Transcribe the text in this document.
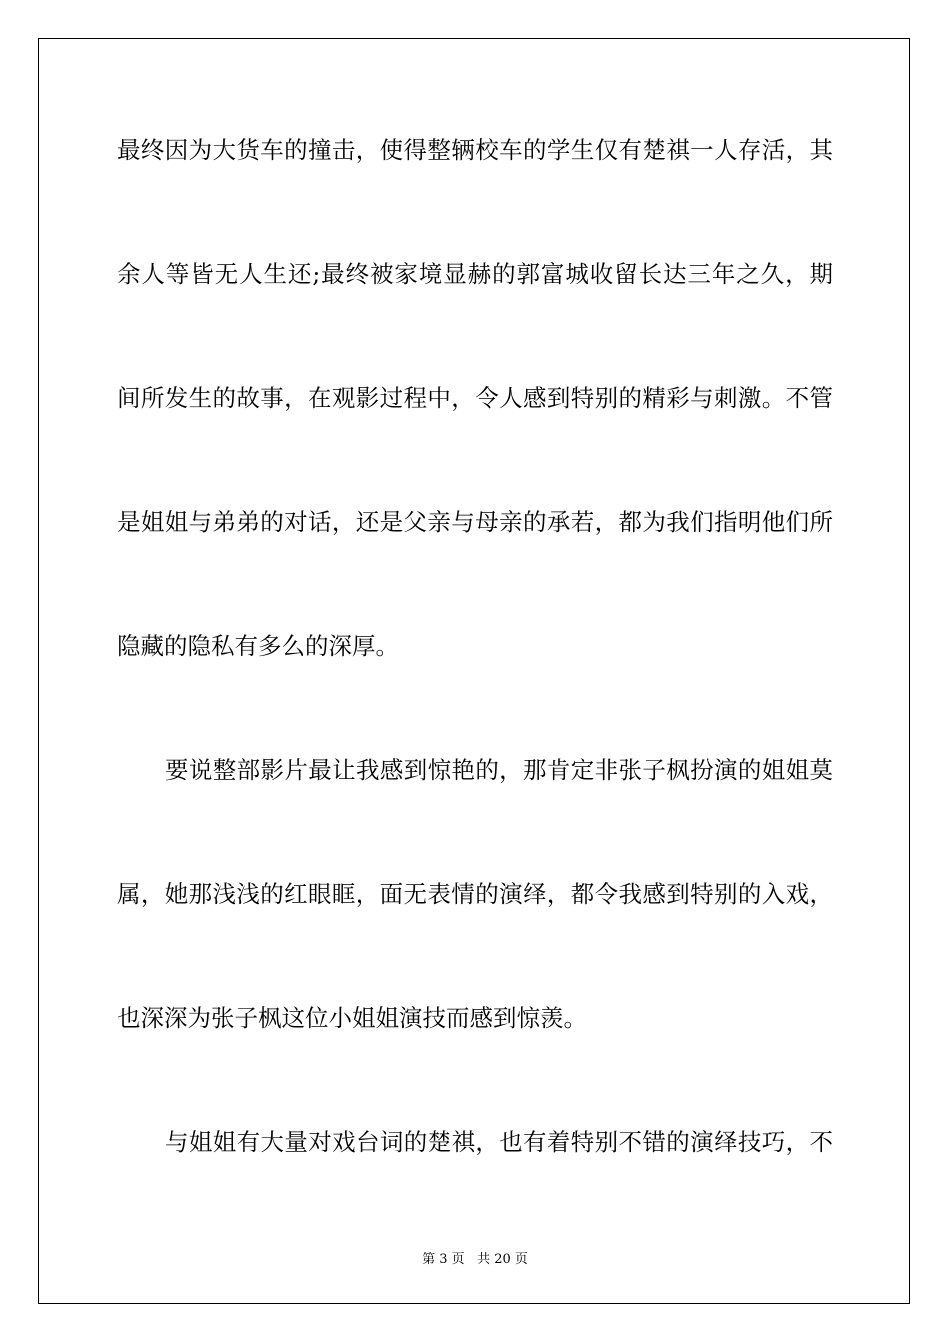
最终因为大货车的撞击，使得整辆校车的学生仅有楚祺一人存活，其
余人等皆无人生还;最终被家境显赫的郭富城收留长达三年之久，期
间所发生的故事，在观影过程中，令人感到特别的精彩与刺激。不管
是姐姐与弟弟的对话，还是父亲与母亲的承若，都为我们指明他们所
隐藏的隐私有多么的深厚。
要说整部影片最让我感到惊艳的，那肯定非张子枫扮演的姐姐莫
属，她那浅浅的红眼眶，面无表情的演绎，都令我感到特别的入戏，
也深深为张子枫这位小姐姐演技而感到惊羡。
与姐姐有大量对戏台词的楚祺，也有着特别不错的演绎技巧，不
第 3 页 共 20 页
